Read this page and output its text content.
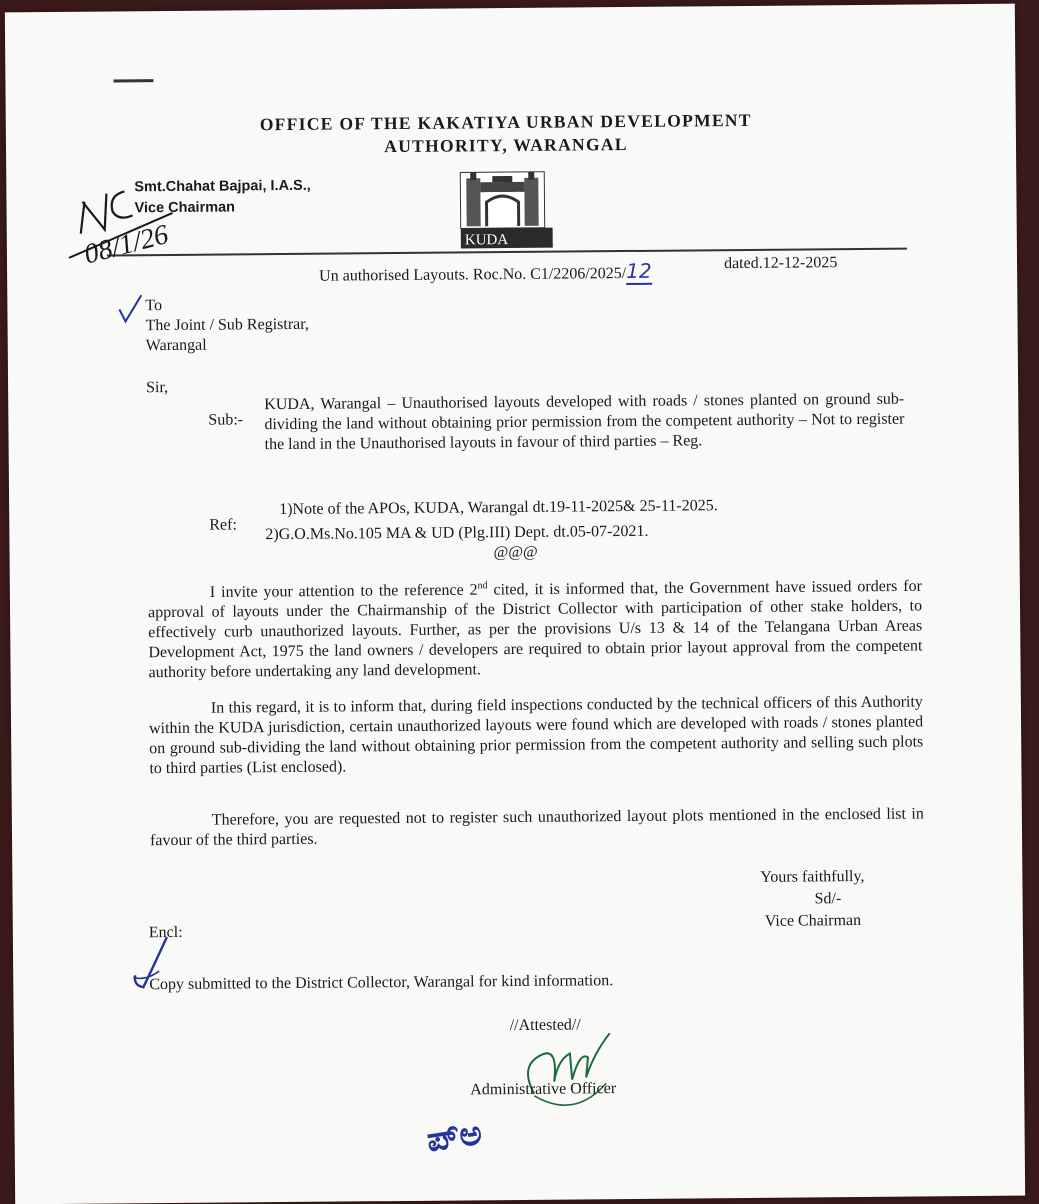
OFFICE OF THE KAKATIYA URBAN DEVELOPMENT
AUTHORITY, WARANGAL
Smt.Chahat Bajpai, I.A.S.,
Vice Chairman
KUDA
08/1/26
Un authorised Layouts. Roc.No. C1/2206/2025/12	dated.12-12-2025
To
The Joint / Sub Registrar,
Warangal
Sir,
Sub:-
KUDA, Warangal – Unauthorised layouts developed with roads / stones planted on ground sub-dividing the land without obtaining prior permission from the competent authority – Not to register the land in the Unauthorised layouts in favour of third parties – Reg.
Ref:
1)Note of the APOs, KUDA, Warangal dt.19-11-2025& 25-11-2025.
2)G.O.Ms.No.105 MA & UD (Plg.III) Dept. dt.05-07-2021.
@@@
I invite your attention to the reference 2nd cited, it is informed that, the Government have issued orders for approval of layouts under the Chairmanship of the District Collector with participation of other stake holders, to effectively curb unauthorized layouts. Further, as per the provisions U/s 13 & 14 of the Telangana Urban Areas Development Act, 1975 the land owners / developers are required to obtain prior layout approval from the competent authority before undertaking any land development.
In this regard, it is to inform that, during field inspections conducted by the technical officers of this Authority within the KUDA jurisdiction, certain unauthorized layouts were found which are developed with roads / stones planted on ground sub-dividing the land without obtaining prior permission from the competent authority and selling such plots to third parties (List enclosed).
Therefore, you are requested not to register such unauthorized layout plots mentioned in the enclosed list in favour of the third parties.
Yours faithfully,
Sd/-
Vice Chairman
Encl:
Copy submitted to the District Collector, Warangal for kind information.
//Attested//
Administrative Officer
ಪ್ಅ
